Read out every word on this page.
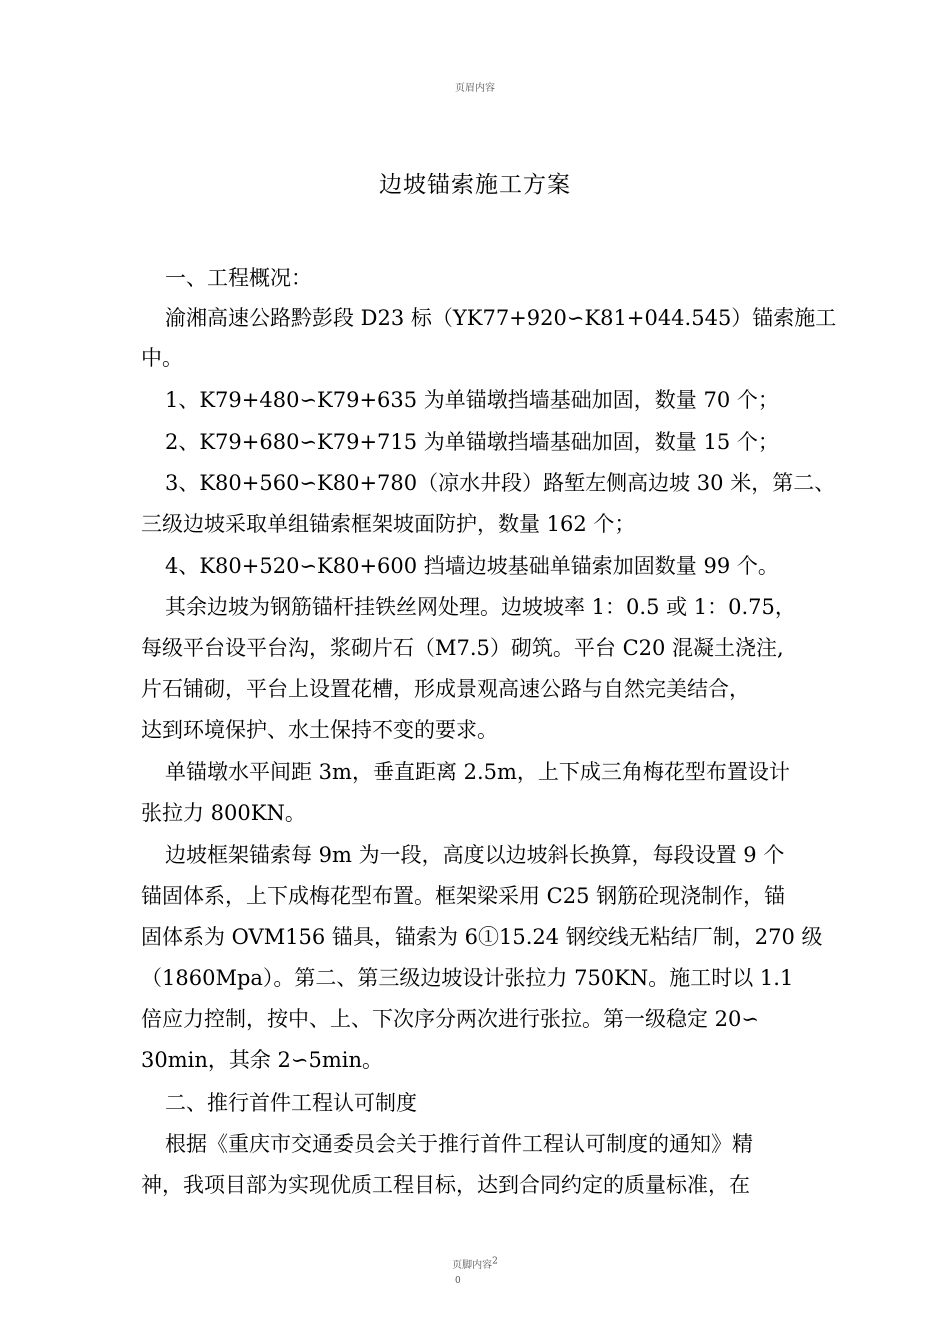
页眉内容
边坡锚索施工方案
一、工程概况：
渝湘高速公路黔彭段 D23 标（YK77+920∽K81+044.545）锚索施工
中。
1、K79+480∽K79+635 为单锚墩挡墙基础加固，数量 70 个；
2、K79+680∽K79+715 为单锚墩挡墙基础加固，数量 15 个；
3、K80+560∽K80+780（凉水井段）路堑左侧高边坡 30 米，第二、
三级边坡采取单组锚索框架坡面防护，数量 162 个；
4、K80+520∽K80+600 挡墙边坡基础单锚索加固数量 99 个。
其余边坡为钢筋锚杆挂铁丝网处理。边坡坡率 1：0.5 或 1：0.75，
每级平台设平台沟，浆砌片石（M7.5）砌筑。平台 C20 混凝土浇注,
片石铺砌，平台上设置花槽，形成景观高速公路与自然完美结合，
达到环境保护、水土保持不变的要求。
单锚墩水平间距 3m，垂直距离 2.5m，上下成三角梅花型布置设计
张拉力 800KN。
边坡框架锚索每 9m 为一段，高度以边坡斜长换算，每段设置 9 个
锚固体系，上下成梅花型布置。框架梁采用 C25 钢筋砼现浇制作，锚
固体系为 OVM156 锚具，锚索为 6①15.24 钢绞线无粘结厂制，270 级
（1860Mpa）。第二、第三级边坡设计张拉力 750KN。施工时以 1.1
倍应力控制，按中、上、下次序分两次进行张拉。第一级稳定 20∽
30min，其余 2∽5min。
二、推行首件工程认可制度
根据《重庆市交通委员会关于推行首件工程认可制度的通知》精
神，我项目部为实现优质工程目标，达到合同约定的质量标准，在
页脚内容$^2$
0
